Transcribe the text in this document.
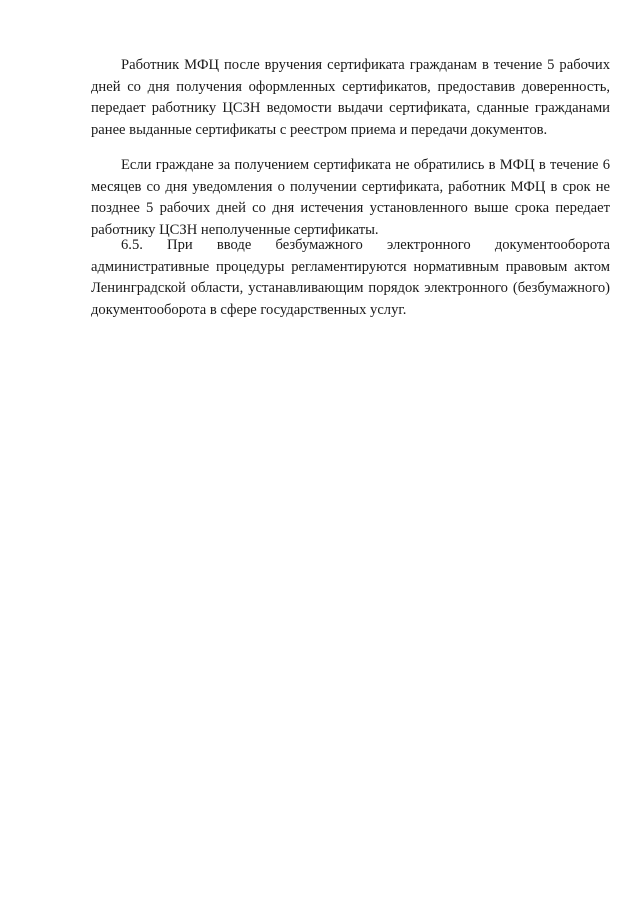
Работник МФЦ после вручения сертификата гражданам в течение 5 рабочих дней со дня получения оформленных сертификатов, предоставив доверенность, передает работнику ЦСЗН ведомости выдачи сертификата, сданные гражданами ранее выданные сертификаты с реестром приема и передачи документов.

Если граждане за получением сертификата не обратились в МФЦ в течение 6 месяцев со дня уведомления о получении сертификата, работник МФЦ в срок не позднее 5 рабочих дней со дня истечения установленного выше срока передает работнику ЦСЗН неполученные сертификаты.

6.5. При вводе безбумажного электронного документооборота административные процедуры регламентируются нормативным правовым актом Ленинградской области, устанавливающим порядок электронного (безбумажного) документооборота в сфере государственных услуг.
